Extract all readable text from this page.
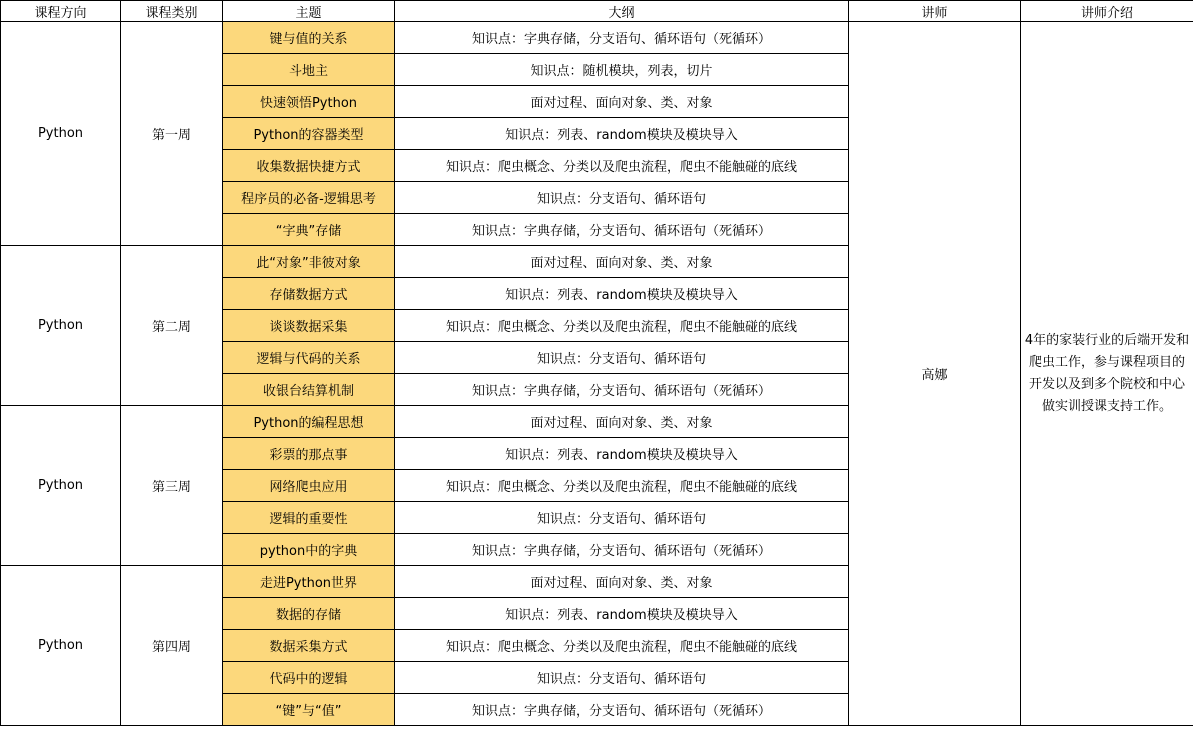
课程方向	课程类别	主题	大纲	讲师	讲师介绍
Python	第一周	键与值的关系	知识点：字典存储，分支语句、循环语句（死循环）	高娜	4年的家装行业的后端开发和爬虫工作，参与课程项目的开发以及到多个院校和中心做实训授课支持工作。
		斗地主	知识点：随机模块，列表，切片		
		快速领悟Python	面对过程、面向对象、类、对象		
		Python的容器类型	知识点：列表、random模块及模块导入		
		收集数据快捷方式	知识点：爬虫概念、分类以及爬虫流程，爬虫不能触碰的底线		
		程序员的必备-逻辑思考	知识点：分支语句、循环语句		
		“字典”存储	知识点：字典存储，分支语句、循环语句（死循环）		
Python	第二周	此“对象”非彼对象	面对过程、面向对象、类、对象		
		存储数据方式	知识点：列表、random模块及模块导入		
		谈谈数据采集	知识点：爬虫概念、分类以及爬虫流程，爬虫不能触碰的底线		
		逻辑与代码的关系	知识点：分支语句、循环语句		
		收银台结算机制	知识点：字典存储，分支语句、循环语句（死循环）		
Python	第三周	Python的编程思想	面对过程、面向对象、类、对象		
		彩票的那点事	知识点：列表、random模块及模块导入		
		网络爬虫应用	知识点：爬虫概念、分类以及爬虫流程，爬虫不能触碰的底线		
		逻辑的重要性	知识点：分支语句、循环语句		
		python中的字典	知识点：字典存储，分支语句、循环语句（死循环）		
Python	第四周	走进Python世界	面对过程、面向对象、类、对象		
		数据的存储	知识点：列表、random模块及模块导入		
		数据采集方式	知识点：爬虫概念、分类以及爬虫流程，爬虫不能触碰的底线		
		代码中的逻辑	知识点：分支语句、循环语句		
		“键”与“值”	知识点：字典存储，分支语句、循环语句（死循环）		
